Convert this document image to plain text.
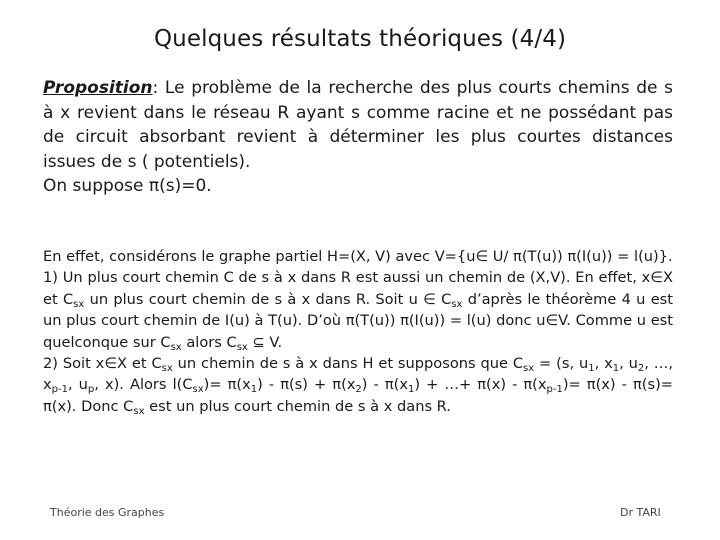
Quelques résultats théoriques (4/4)

Proposition: Le problème de la recherche des plus courts chemins de s à x revient dans le réseau R ayant s comme racine et ne possédant pas de circuit absorbant revient à déterminer les plus courtes distances issues de s ( potentiels).

On suppose π(s)=0.

En effet, considérons le graphe partiel H=(X, V) avec V={u∈ U/ π(T(u)) π(I(u)) = l(u)}.

1) Un plus court chemin C de s à x dans R est aussi un chemin de (X,V). En effet, x∈X et $C_{sx}$ un plus court chemin de s à x dans R. Soit u ∈ $C_{sx}$ d’après le théorème 4 u est un plus court chemin de I(u) à T(u). D’où π(T(u)) π(I(u)) = l(u) donc u∈V. Comme u est quelconque sur $C_{sx}$ alors $C_{sx}$ ⊆ V.

2) Soit x∈X et $C_{sx}$ un chemin de s à x dans H et supposons que $C_{sx} = (s$, $u_1$, $x_1$, $u_2$, …, $x_{p-1}$, $u_p$, x). Alors $l(C_{sx})= \pi(x_1) - \pi(s) + \pi(x_2) - \pi(x_1)$ + …+ $\pi(x) - \pi(x_{p-1})= \pi(x) - \pi(s)= \pi(x)$. Donc $C_{sx}$ est un plus court chemin de s à x dans R.

Théorie des Graphes	Dr TARI
